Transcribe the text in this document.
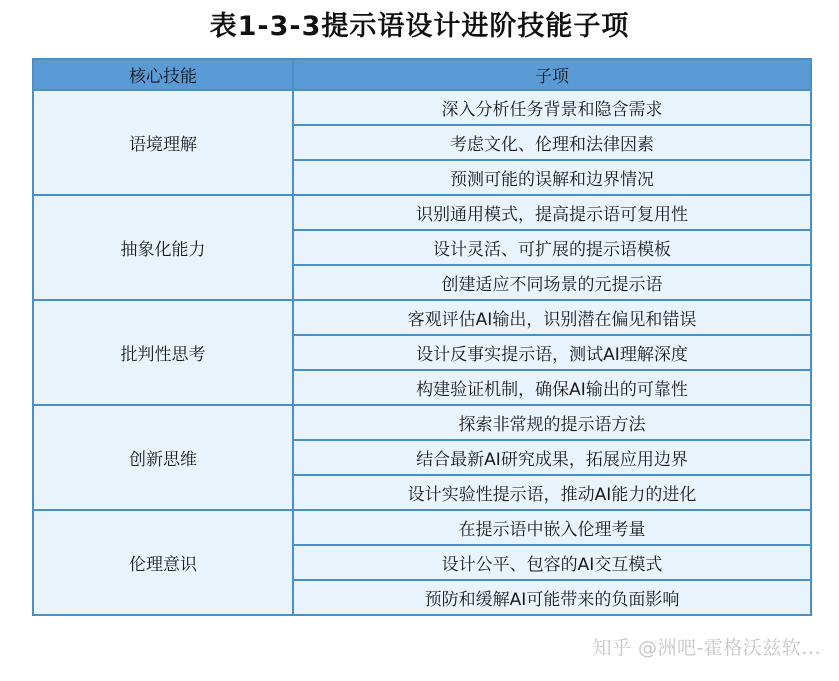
表1-3-3提示语设计进阶技能子项
核心技能	子项
语境理解	深入分析任务背景和隐含需求
	考虑文化、伦理和法律因素
	预测可能的误解和边界情况
抽象化能力	识别通用模式，提高提示语可复用性
	设计灵活、可扩展的提示语模板
	创建适应不同场景的元提示语
批判性思考	客观评估AI输出，识别潜在偏见和错误
	设计反事实提示语，测试AI理解深度
	构建验证机制，确保AI输出的可靠性
创新思维	探索非常规的提示语方法
	结合最新AI研究成果，拓展应用边界
	设计实验性提示语，推动AI能力的进化
伦理意识	在提示语中嵌入伦理考量
	设计公平、包容的AI交互模式
	预防和缓解AI可能带来的负面影响
知乎 @洲吧-霍格沃兹软...
